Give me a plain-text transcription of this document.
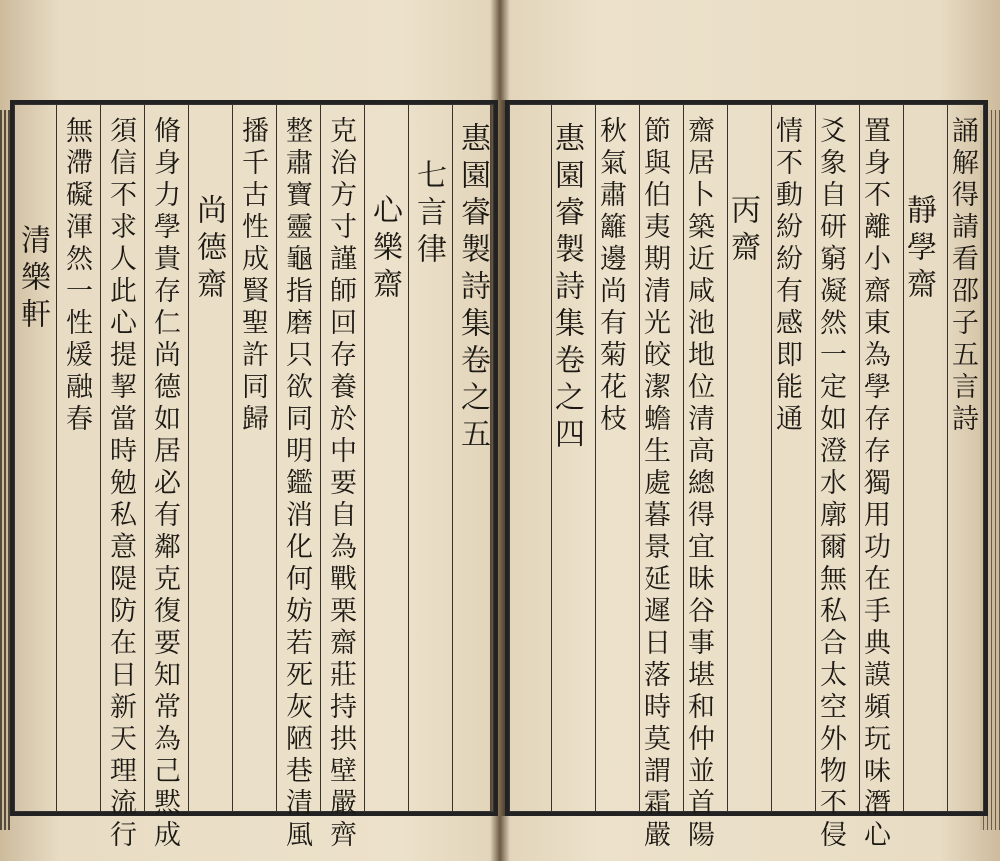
惠園睿製詩集卷之五
七言律
心樂齋
克治方寸謹師回存養於中要自為戰栗齋莊持拱壁嚴齊
整肅寶靈龜指磨只欲同明鑑消化何妨若死灰陋巷清風
播千古性成賢聖許同歸
尚德齋
脩身力學貴存仁尚德如居必有鄰克復要知常為己黙成
須信不求人此心提挈當時勉私意隄防在日新天理流行
無滯礙渾然一性煖融春
清樂軒	誦解得請看邵子五言詩
靜學齋
置身不離小齋東為學存存獨用功在手典謨頻玩味潛心
爻象自研窮凝然一定如澄水廓爾無私合太空外物不侵
情不動紛紛有感即能通
丙齋
齋居卜築近咸池地位清高總得宜昧谷事堪和仲並首陽
節與伯夷期清光皎潔蟾生處暮景延遲日落時莫謂霜嚴
秋氣肅籬邊尚有菊花枝
惠園睿製詩集卷之四
